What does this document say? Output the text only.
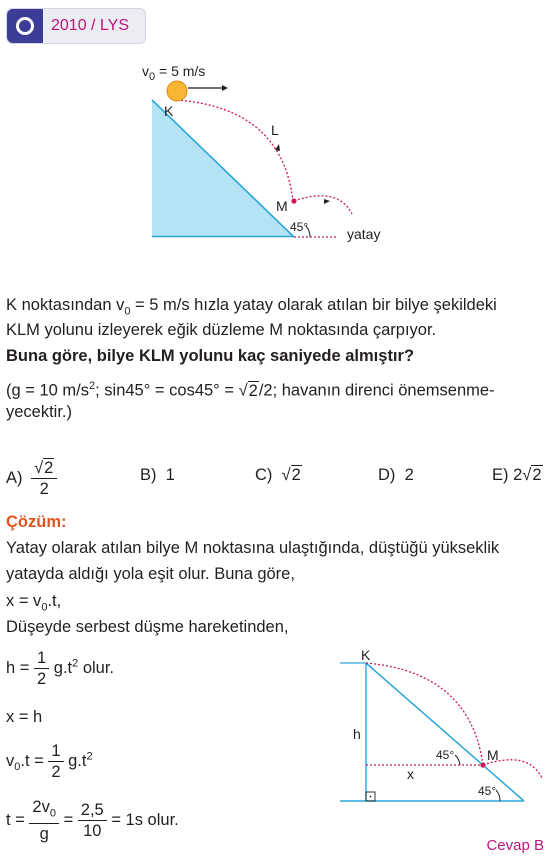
2010 / LYS
$v_0 = 5$ m/s
K
L
M
45°	yatay
K noktasından $v_0 = 5$ m/s hızla yatay olarak atılan bir bilye şekildeki
KLM yolunu izleyerek eğik düzleme M noktasında çarpıyor.
Buna göre, bilye KLM yolunu kaç saniyede almıştır?
(g = 10 $m/s^2$; sin45° = cos45° = √2/2; havanın direnci önemsenme-
yecektir.)
$A) \frac{√2}{2}$	B) 1	C) √2	D) 2	E) 2√2
Çözüm:
Yatay olarak atılan bilye M noktasına ulaştığında, düştüğü yükseklik
yatayda aldığı yola eşit olur. Buna göre,
$x = v_0.t$,
Düşeyde serbest düşme hareketinden,
$h = \frac{1}{2} g.t^2$ olur.
x = h
$v_0.t = \frac{1}{2} g.t^2$
$t = \frac{2v_0}{g} = \frac{2,5}{10} = 1s$ olur.
K
h
x
M
45°
45°
Cevap B
